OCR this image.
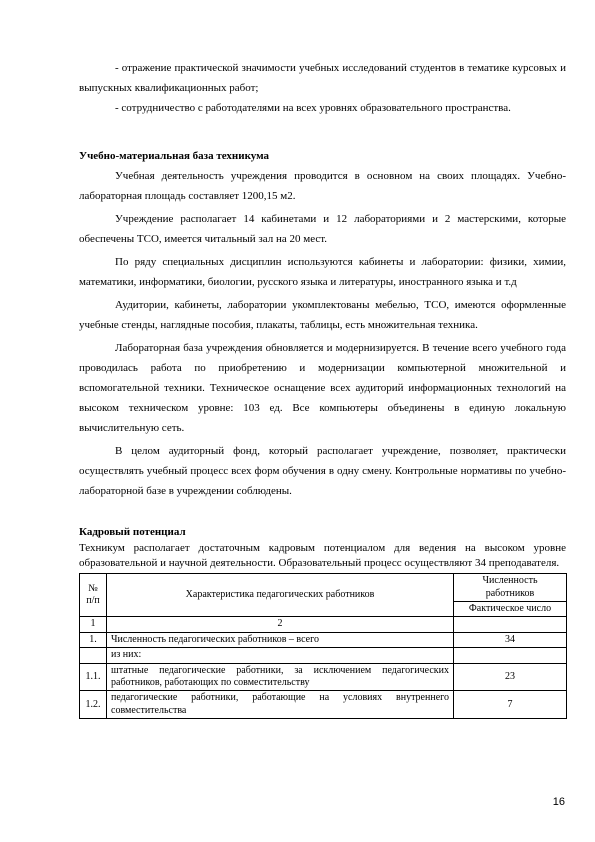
- отражение практической значимости учебных исследований студентов в тематике курсовых и выпускных квалификационных работ;

- сотрудничество с работодателями на всех уровнях образовательного пространства.

Учебно-материальная база техникума

Учебная деятельность учреждения проводится в основном на своих площадях. Учебно-лабораторная площадь составляет 1200,15 м2.

Учреждение располагает 14 кабинетами и 12 лабораториями и 2 мастерскими, которые обеспечены ТСО, имеется читальный зал на 20 мест.

По ряду специальных дисциплин используются кабинеты и лаборатории: физики, химии, математики, информатики, биологии, русского языка и литературы, иностранного языка и т.д

Аудитории, кабинеты, лаборатории укомплектованы мебелью, ТСО, имеются оформленные учебные стенды, наглядные пособия, плакаты, таблицы, есть множительная техника.

Лабораторная база учреждения обновляется и модернизируется. В течение всего учебного года проводилась работа по приобретению и модернизации компьютерной множительной и вспомогательной техники. Техническое оснащение всех аудиторий информационных технологий на высоком техническом уровне: 103 ед. Все компьютеры объединены в единую локальную вычислительную сеть.

В целом аудиторный фонд, который располагает учреждение, позволяет, практически осуществлять учебный процесс всех форм обучения в одну смену. Контрольные нормативы по учебно-лабораторной базе в учреждении соблюдены.

Кадровый потенциал

Техникум располагает достаточным кадровым потенциалом для ведения на высоком уровне образовательной и научной деятельности. Образовательный процесс осуществляют 34 преподавателя.

№ п/п	Характеристика педагогических работников	Численность работников
		Фактическое число
1	2	
1.	Численность педагогических работников – всего	34
	из них:	
1.1.	штатные педагогические работники, за исключением педагогических работников, работающих по совместительству	23
1.2.	педагогические работники, работающие на условиях внутреннего совместительства	7
16
